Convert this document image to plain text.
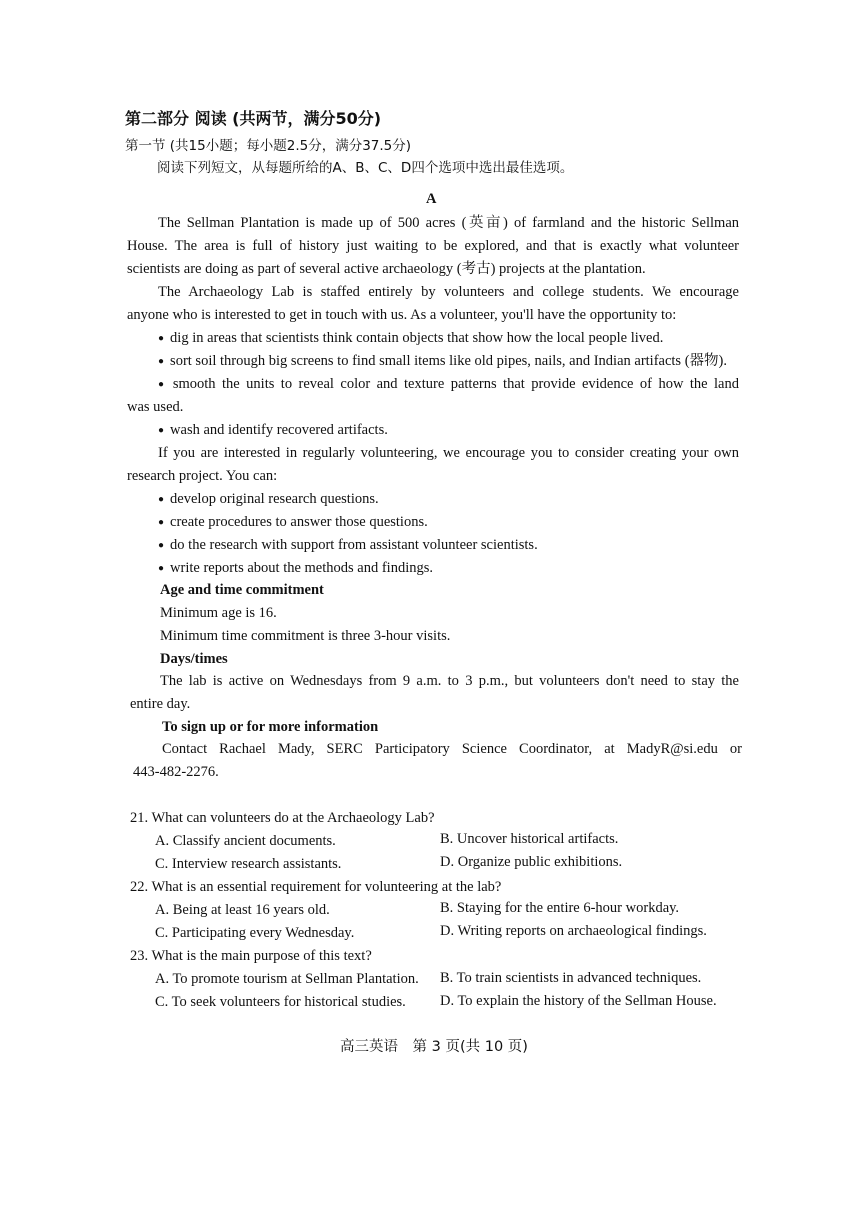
第二部分 阅读 (共两节，满分50分)
第一节 (共15小题；每小题2.5分，满分37.5分)
阅读下列短文，从每题所给的A、B、C、D四个选项中选出最佳选项。
A
The Sellman Plantation is made up of 500 acres (英亩) of farmland and the historic Sellman
House. The area is full of history just waiting to be explored, and that is exactly what volunteer
scientists are doing as part of several active archaeology (考古) projects at the plantation.
The Archaeology Lab is staffed entirely by volunteers and college students. We encourage
anyone who is interested to get in touch with us. As a volunteer, you'll have the opportunity to:
● dig in areas that scientists think contain objects that show how the local people lived.
● sort soil through big screens to find small items like old pipes, nails, and Indian artifacts (器物).
● smooth the units to reveal color and texture patterns that provide evidence of how the land
was used.
● wash and identify recovered artifacts.
If you are interested in regularly volunteering, we encourage you to consider creating your own
research project. You can:
● develop original research questions.
● create procedures to answer those questions.
● do the research with support from assistant volunteer scientists.
● write reports about the methods and findings.
Age and time commitment
Minimum age is 16.
Minimum time commitment is three 3-hour visits.
Days/times
The lab is active on Wednesdays from 9 a.m. to 3 p.m., but volunteers don't need to stay the
entire day.
To sign up or for more information
Contact Rachael Mady, SERC Participatory Science Coordinator, at MadyR@si.edu or
443-482-2276.
21. What can volunteers do at the Archaeology Lab?
A. Classify ancient documents.	B. Uncover historical artifacts.
C. Interview research assistants.	D. Organize public exhibitions.
22. What is an essential requirement for volunteering at the lab?
A. Being at least 16 years old.	B. Staying for the entire 6-hour workday.
C. Participating every Wednesday.	D. Writing reports on archaeological findings.
23. What is the main purpose of this text?
A. To promote tourism at Sellman Plantation. B. To train scientists in advanced techniques.
C. To seek volunteers for historical studies. D. To explain the history of the Sellman House.
高三英语　第 3 页(共 10 页)
